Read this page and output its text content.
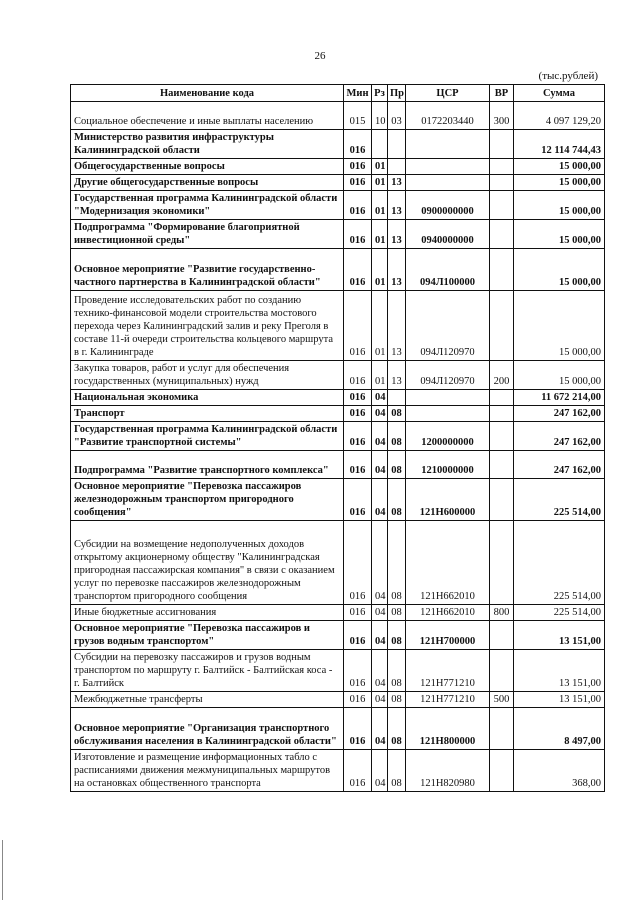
26
(тыс.рублей)
Наименование кода	Мин	Рз	Пр	ЦСР	ВР	Сумма
Социальное обеспечение и иные выплаты населению	015	10	03	0172203440	300	4 097 129,20
Министерство развития инфраструктуры Калининградской области	016					12 114 744,43
Общегосударственные вопросы	016	01				15 000,00
Другие общегосударственные вопросы	016	01	13			15 000,00
Государственная программа Калининградской области "Модернизация экономики"	016	01	13	0900000000		15 000,00
Подпрограмма "Формирование благоприятной инвестиционной среды"	016	01	13	0940000000		15 000,00
Основное мероприятие "Развитие государственно-частного партнерства в Калининградской области"	016	01	13	094Л100000		15 000,00
Проведение исследовательских работ по созданию технико-финансовой модели строительства мостового перехода через Калининградский залив и реку Преголя в составе 11-й очереди строительства кольцевого маршрута в г. Калининграде	016	01	13	094Л120970		15 000,00
Закупка товаров, работ и услуг для обеспечения государственных (муниципальных) нужд	016	01	13	094Л120970	200	15 000,00
Национальная экономика	016	04				11 672 214,00
Транспорт	016	04	08			247 162,00
Государственная программа Калининградской области "Развитие транспортной системы"	016	04	08	1200000000		247 162,00
Подпрограмма "Развитие транспортного комплекса"	016	04	08	1210000000		247 162,00
Основное мероприятие "Перевозка пассажиров железнодорожным транспортом пригородного сообщения"	016	04	08	121Н600000		225 514,00
Субсидии на возмещение недополученных доходов открытому акционерному обществу "Калининградская пригородная пассажирская компания" в связи с оказанием услуг по перевозке пассажиров железнодорожным транспортом пригородного сообщения	016	04	08	121Н662010		225 514,00
Иные бюджетные ассигнования	016	04	08	121Н662010	800	225 514,00
Основное мероприятие "Перевозка пассажиров и грузов водным транспортом"	016	04	08	121Н700000		13 151,00
Субсидии на перевозку пассажиров и грузов водным транспортом по маршруту г. Балтийск - Балтийская коса - г. Балтийск	016	04	08	121Н771210		13 151,00
Межбюджетные трансферты	016	04	08	121Н771210	500	13 151,00
Основное мероприятие "Организация транспортного обслуживания населения в Калининградской области"	016	04	08	121Н800000		8 497,00
Изготовление и размещение информационных табло с расписаниями движения межмуниципальных маршрутов на остановках общественного транспорта	016	04	08	121Н820980		368,00
